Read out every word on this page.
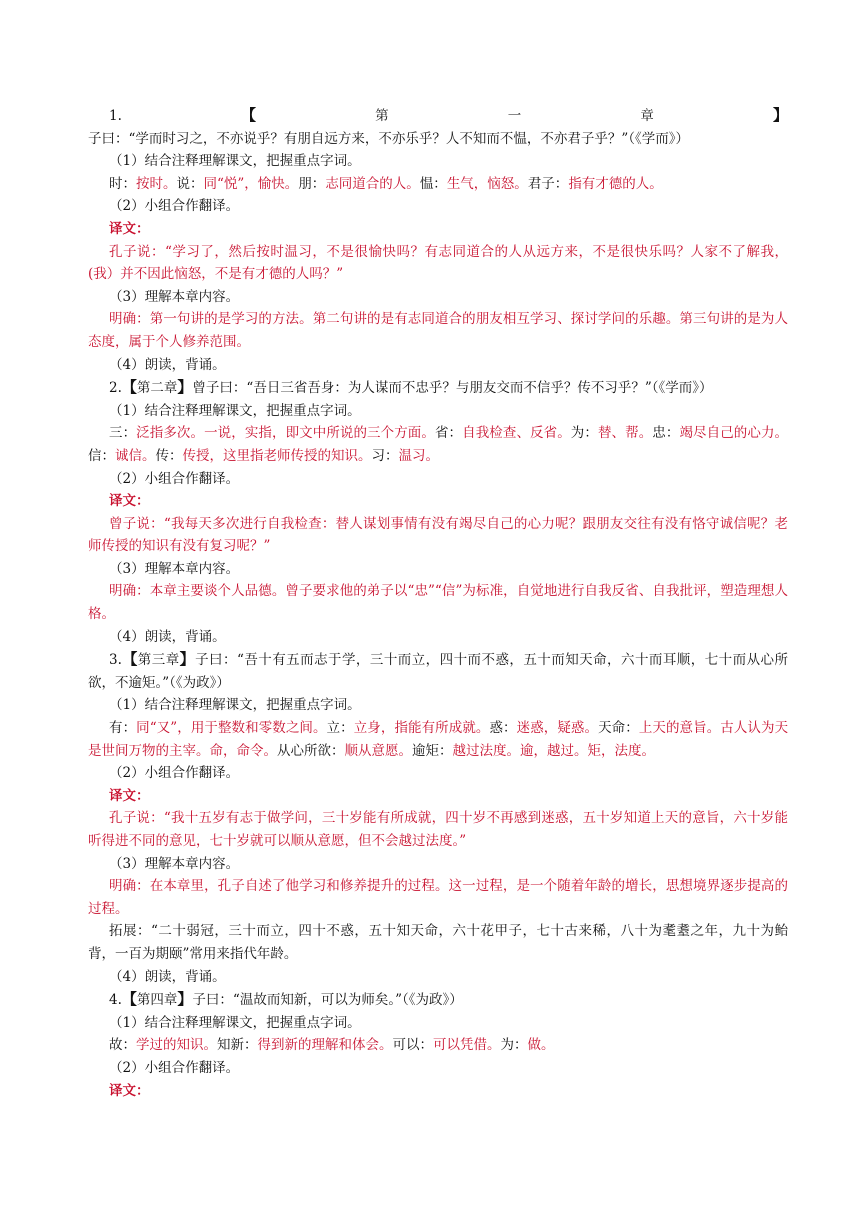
1.【第一章】子曰：“学而时习之，不亦说乎？有朋自远方来，不亦乐乎？人不知而不愠，不亦君子乎？”（《学而》）

（1）结合注释理解课文，把握重点字词。

时：按时。说：同“悦”，愉快。朋：志同道合的人。愠：生气，恼怒。君子：指有才德的人。

（2）小组合作翻译。

译文：

孔子说：“学习了，然后按时温习，不是很愉快吗？有志同道合的人从远方来，不是很快乐吗？人家不了解我，(我）并不因此恼怒，不是有才德的人吗？”

（3）理解本章内容。

明确：第一句讲的是学习的方法。第二句讲的是有志同道合的朋友相互学习、探讨学问的乐趣。第三句讲的是为人态度，属于个人修养范围。

（4）朗读，背诵。

2.【第二章】曾子曰：“吾日三省吾身：为人谋而不忠乎？与朋友交而不信乎？传不习乎？”（《学而》）

（1）结合注释理解课文，把握重点字词。

三：泛指多次。一说，实指，即文中所说的三个方面。省：自我检查、反省。为：替、帮。忠：竭尽自己的心力。信：诚信。传：传授，这里指老师传授的知识。习：温习。

（2）小组合作翻译。

译文：

曾子说：“我每天多次进行自我检查：替人谋划事情有没有竭尽自己的心力呢？跟朋友交往有没有恪守诚信呢？老师传授的知识有没有复习呢？”

（3）理解本章内容。

明确：本章主要谈个人品德。曾子要求他的弟子以“忠”“信”为标准，自觉地进行自我反省、自我批评，塑造理想人格。

（4）朗读，背诵。

3.【第三章】子曰：“吾十有五而志于学，三十而立，四十而不惑，五十而知天命，六十而耳顺，七十而从心所欲，不逾矩。”（《为政》）

（1）结合注释理解课文，把握重点字词。

有：同“又”，用于整数和零数之间。立：立身，指能有所成就。惑：迷惑，疑惑。天命：上天的意旨。古人认为天是世间万物的主宰。命，命令。从心所欲：顺从意愿。逾矩：越过法度。逾，越过。矩，法度。

（2）小组合作翻译。

译文：

孔子说：“我十五岁有志于做学问，三十岁能有所成就，四十岁不再感到迷惑，五十岁知道上天的意旨，六十岁能听得进不同的意见，七十岁就可以顺从意愿，但不会越过法度。”

（3）理解本章内容。

明确：在本章里，孔子自述了他学习和修养提升的过程。这一过程，是一个随着年龄的增长，思想境界逐步提高的过程。

拓展：“二十弱冠，三十而立，四十不惑，五十知天命，六十花甲子，七十古来稀，八十为耄耋之年，九十为鲐背，一百为期颐”常用来指代年龄。

（4）朗读，背诵。

4.【第四章】子曰：“温故而知新，可以为师矣。”（《为政》）

（1）结合注释理解课文，把握重点字词。

故：学过的知识。知新：得到新的理解和体会。可以：可以凭借。为：做。

（2）小组合作翻译。

译文：
